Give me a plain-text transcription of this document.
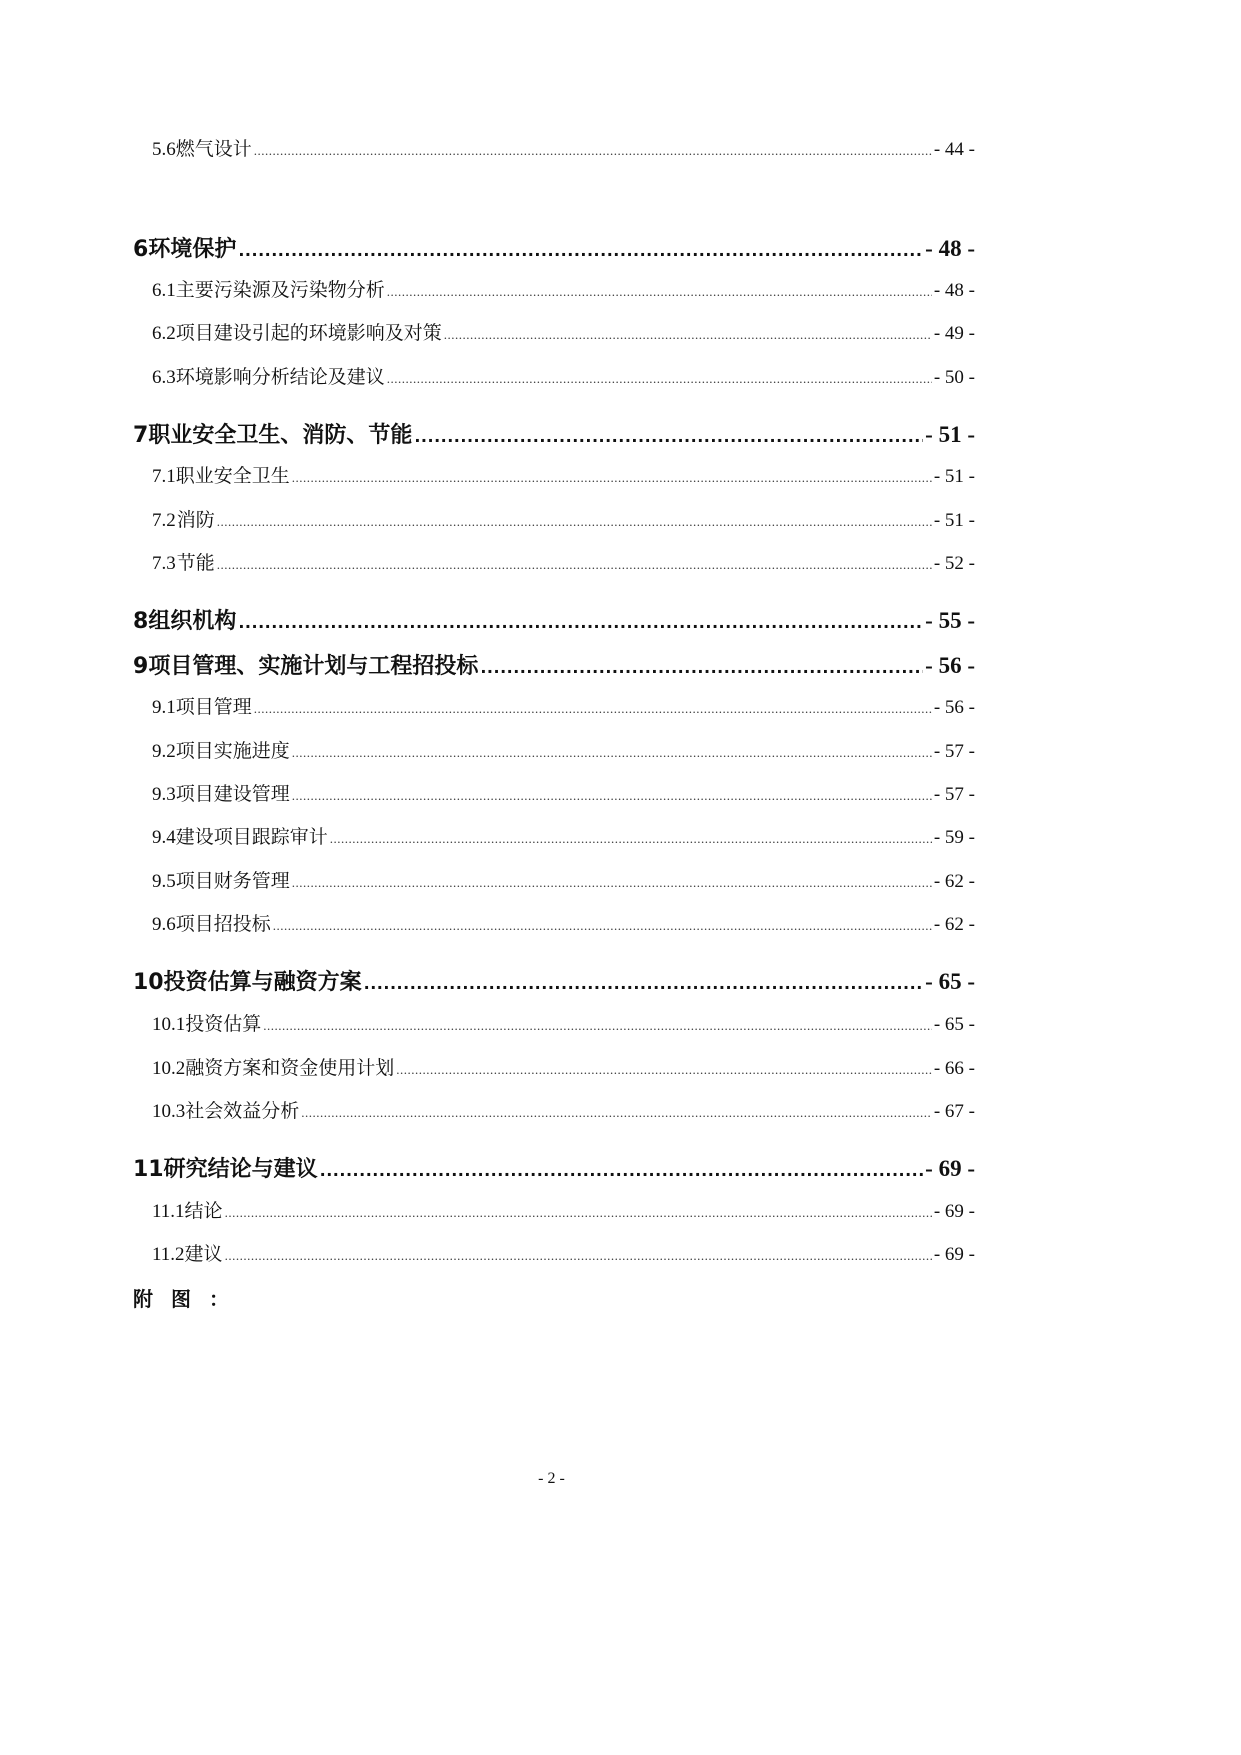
5.6 燃气设计 .....	- 44 -
6 环境保护 .....	- 48 -
6.1 主要污染源及污染物分析 .....	- 48 -
6.2 项目建设引起的环境影响及对策 .....	- 49 -
6.3 环境影响分析结论及建议 .....	- 50 -
7 职业安全卫生、消防、节能 .....	- 51 -
7.1 职业安全卫生 .....	- 51 -
7.2 消防 .....	- 51 -
7.3 节能 .....	- 52 -
8 组织机构 .....	- 55 -
9 项目管理、实施计划与工程招投标 .....	- 56 -
9.1 项目管理 .....	- 56 -
9.2 项目实施进度 .....	- 57 -
9.3 项目建设管理 .....	- 57 -
9.4 建设项目跟踪审计 .....	- 59 -
9.5 项目财务管理 .....	- 62 -
9.6 项目招投标 .....	- 62 -
10 投资估算与融资方案 .....	- 65 -
10.1 投资估算 .....	- 65 -
10.2 融资方案和资金使用计划 .....	- 66 -
10.3 社会效益分析 .....	- 67 -
11 研究结论与建议 .....	- 69 -
11.1 结论 .....	- 69 -
11.2 建议 .....	- 69 -
附图：
- 2 -
